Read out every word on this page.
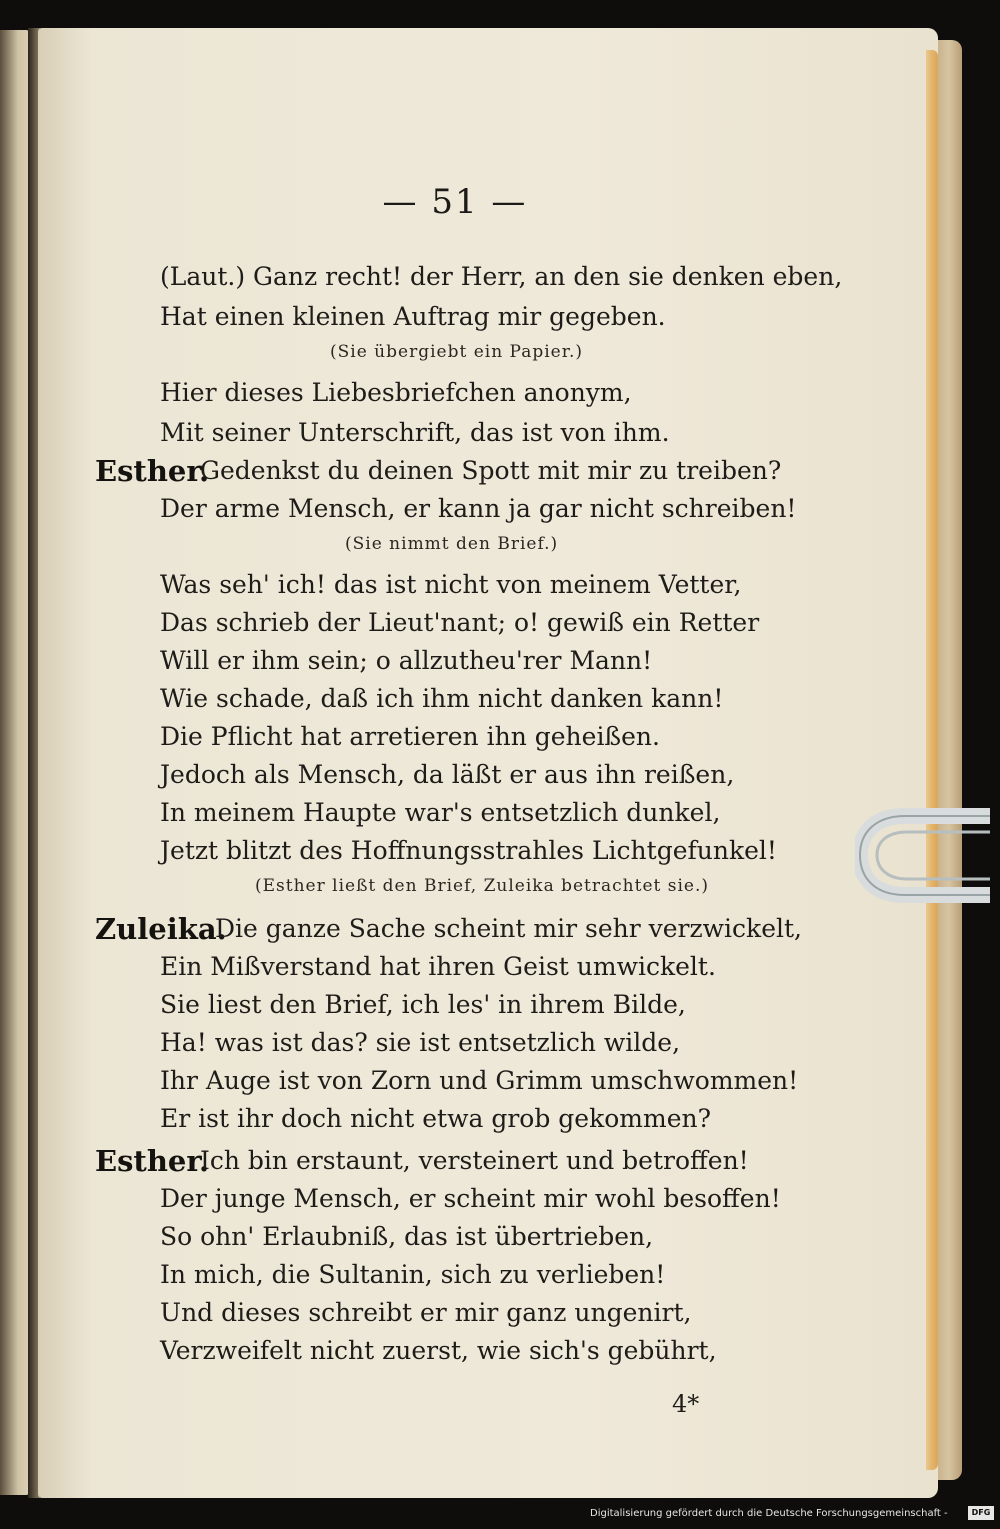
— 51 —
(Laut.) Ganz recht! der Herr, an den sie denken eben,
Hat einen kleinen Auftrag mir gegeben.
(Sie übergiebt ein Papier.)
Hier dieses Liebesbriefchen anonym,
Mit seiner Unterschrift, das ist von ihm.
Esther.
Gedenkst du deinen Spott mit mir zu treiben?
Der arme Mensch, er kann ja gar nicht schreiben!
(Sie nimmt den Brief.)
Was seh' ich! das ist nicht von meinem Vetter,
Das schrieb der Lieut'nant; o! gewiß ein Retter
Will er ihm sein; o allzutheu'rer Mann!
Wie schade, daß ich ihm nicht danken kann!
Die Pflicht hat arretieren ihn geheißen.
Jedoch als Mensch, da läßt er aus ihn reißen,
In meinem Haupte war's entsetzlich dunkel,
Jetzt blitzt des Hoffnungsstrahles Lichtgefunkel!
(Esther ließt den Brief, Zuleika betrachtet sie.)
Zuleika.
Die ganze Sache scheint mir sehr verzwickelt,
Ein Mißverstand hat ihren Geist umwickelt.
Sie liest den Brief, ich les' in ihrem Bilde,
Ha! was ist das? sie ist entsetzlich wilde,
Ihr Auge ist von Zorn und Grimm umschwommen!
Er ist ihr doch nicht etwa grob gekommen?
Esther.
Ich bin erstaunt, versteinert und betroffen!
Der junge Mensch, er scheint mir wohl besoffen!
So ohn' Erlaubniß, das ist übertrieben,
In mich, die Sultanin, sich zu verlieben!
Und dieses schreibt er mir ganz ungenirt,
Verzweifelt nicht zuerst, wie sich's gebührt,
4*
Digitalisierung gefördert durch die Deutsche Forschungsgemeinschaft -	DFG
